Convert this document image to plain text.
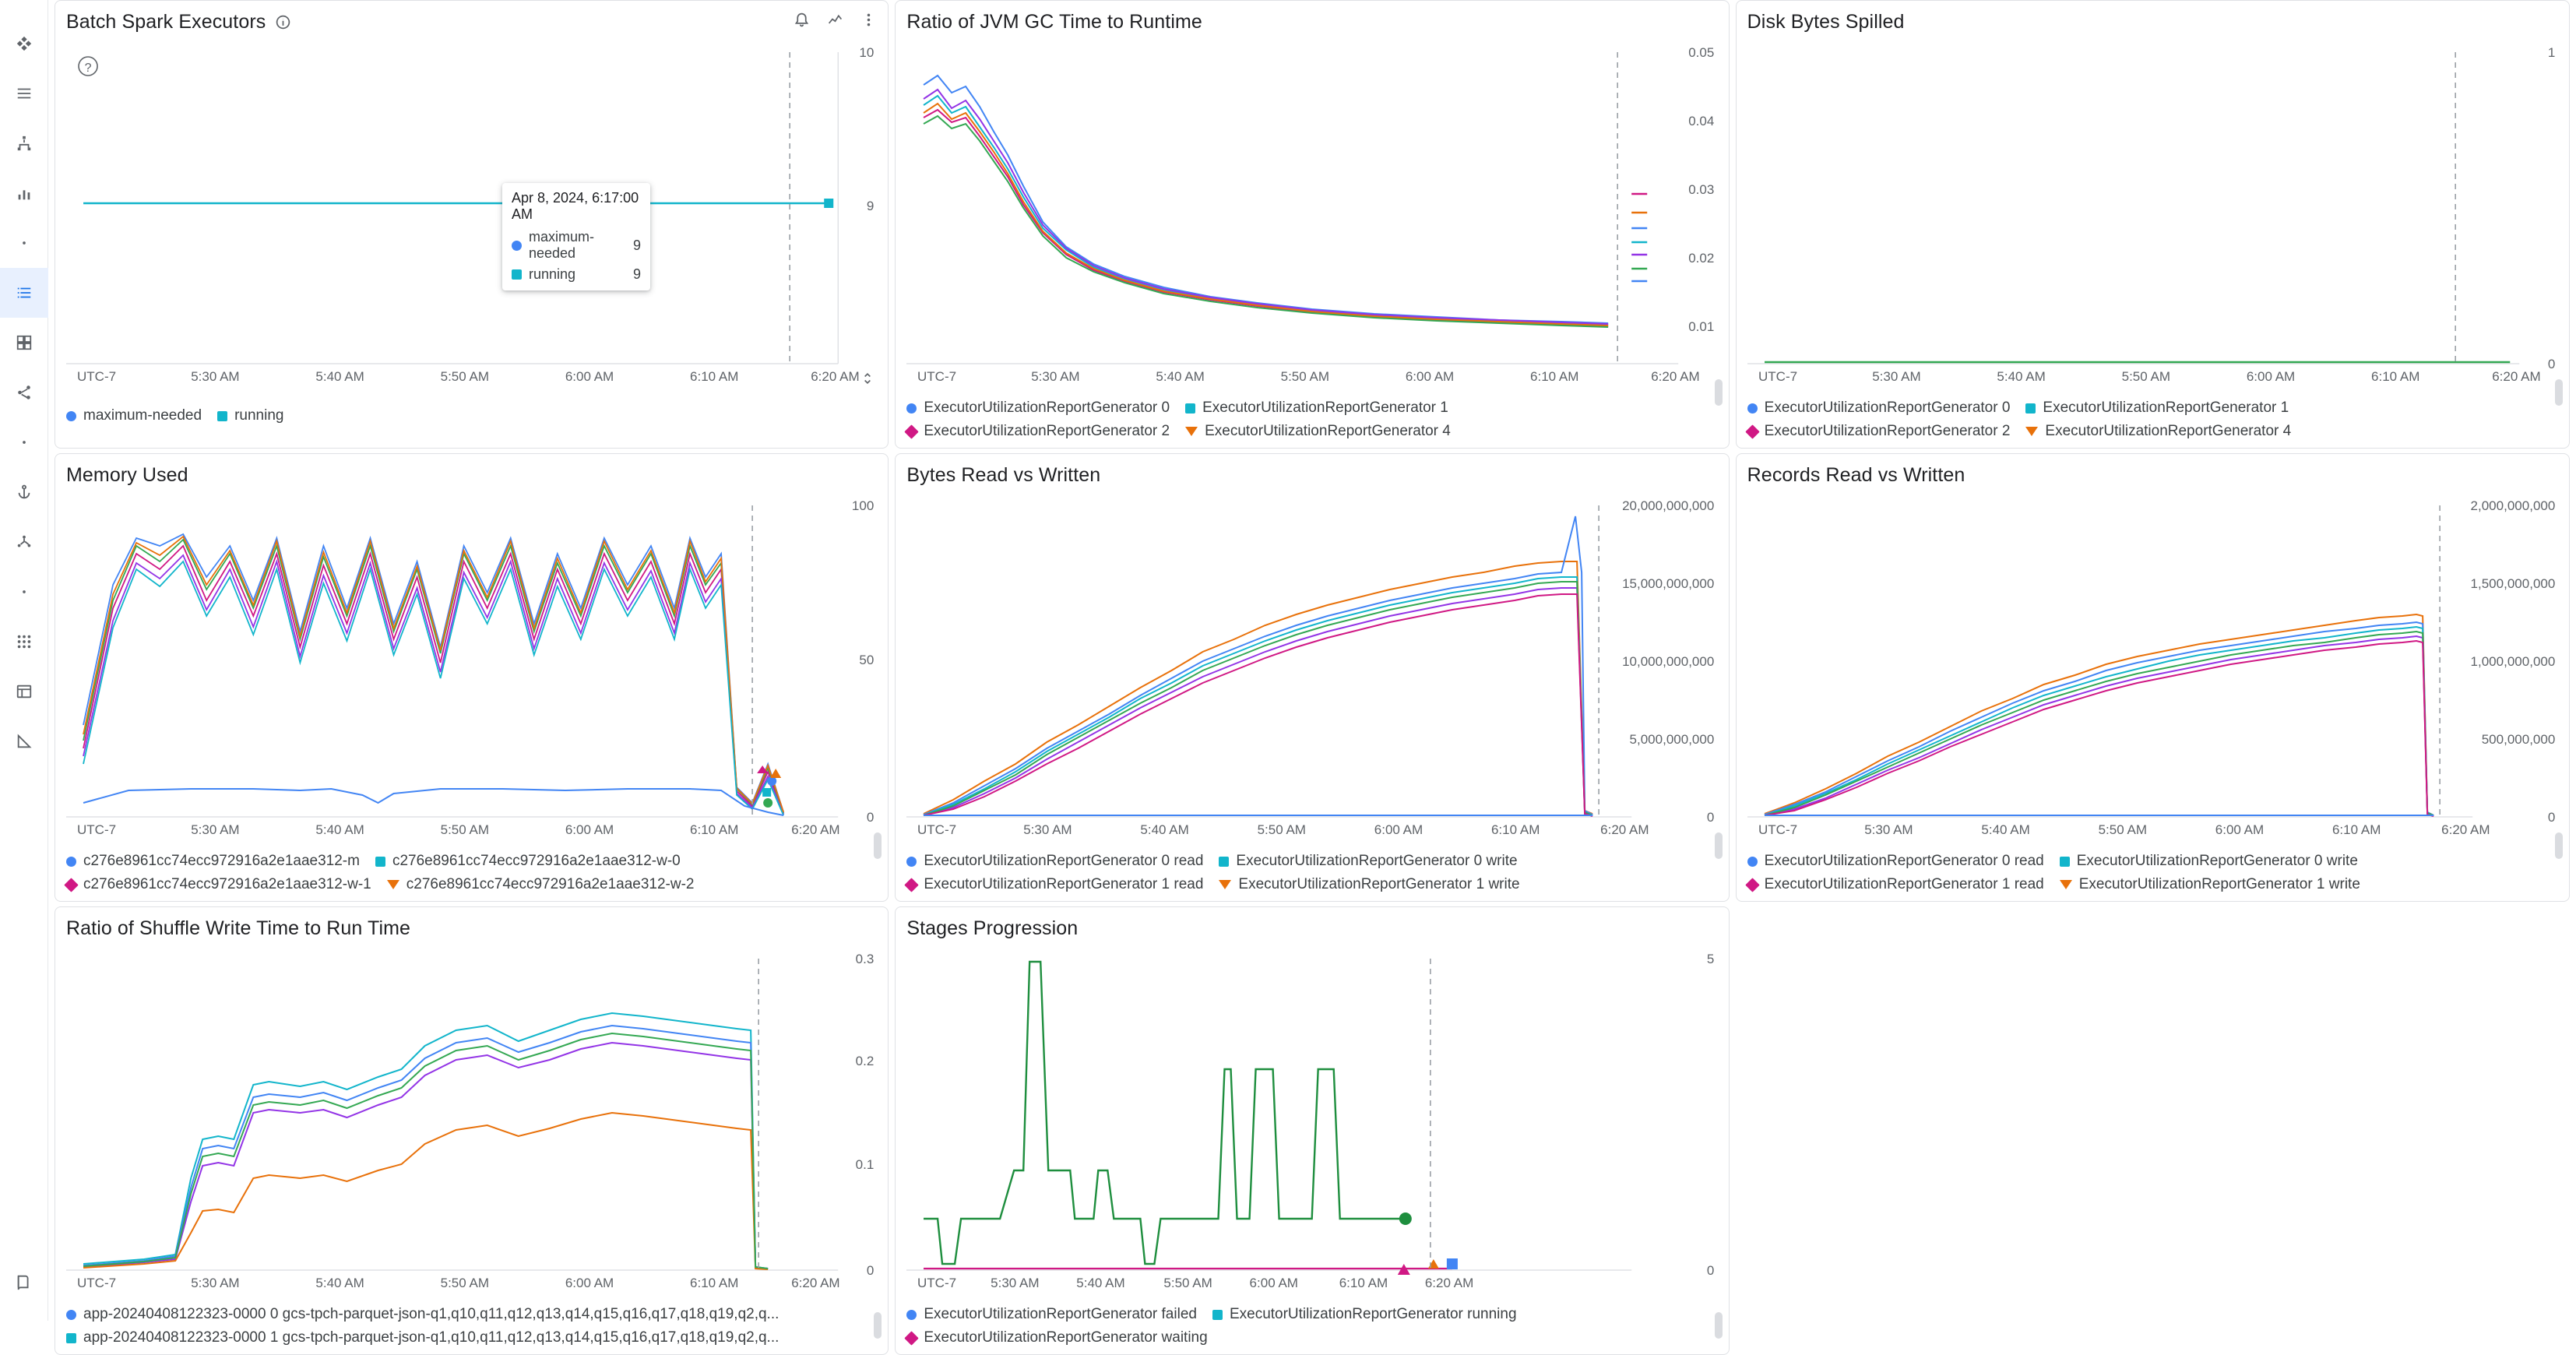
Batch Spark Executors
?
10
9
UTC-7	5:30 AM	5:40 AM	5:50 AM	6:00 AM	6:10 AM	6:20 AM
Apr 8, 2024, 6:17:00 AM
maximum-needed
9
running	9
maximum-needed running
Ratio of JVM GC Time to Runtime
0.05
0.04
0.03
0.02
0.01
UTC-7	5:30 AM	5:40 AM	5:50 AM	6:00 AM	6:10 AM	6:20 AM
ExecutorUtilizationReportGenerator 0 ExecutorUtilizationReportGenerator 1
ExecutorUtilizationReportGenerator 2 ExecutorUtilizationReportGenerator 4
Disk Bytes Spilled
1
0
UTC-7	5:30 AM	5:40 AM	5:50 AM	6:00 AM	6:10 AM	6:20 AM
ExecutorUtilizationReportGenerator 0 ExecutorUtilizationReportGenerator 1
ExecutorUtilizationReportGenerator 2 ExecutorUtilizationReportGenerator 4
Memory Used
100
50
0
UTC-7	5:30 AM	5:40 AM	5:50 AM	6:00 AM	6:10 AM	6:20 AM
c276e8961cc74ecc972916a2e1aae312-m c276e8961cc74ecc972916a2e1aae312-w-0
c276e8961cc74ecc972916a2e1aae312-w-1 c276e8961cc74ecc972916a2e1aae312-w-2
Bytes Read vs Written
20,000,000,000
15,000,000,000
10,000,000,000
5,000,000,000
0
UTC-7	5:30 AM	5:40 AM	5:50 AM	6:00 AM	6:10 AM	6:20 AM
ExecutorUtilizationReportGenerator 0 read ExecutorUtilizationReportGenerator 0 write
ExecutorUtilizationReportGenerator 1 read ExecutorUtilizationReportGenerator 1 write
Records Read vs Written
2,000,000,000
1,500,000,000
1,000,000,000
500,000,000
0
UTC-7	5:30 AM	5:40 AM	5:50 AM	6:00 AM	6:10 AM	6:20 AM
ExecutorUtilizationReportGenerator 0 read ExecutorUtilizationReportGenerator 0 write
ExecutorUtilizationReportGenerator 1 read ExecutorUtilizationReportGenerator 1 write
Ratio of Shuffle Write Time to Run Time
0.3
0.2
0.1
0
UTC-7	5:30 AM	5:40 AM	5:50 AM	6:00 AM	6:10 AM	6:20 AM
app-20240408122323-0000 0 gcs-tpch-parquet-json-q1,q10,q11,q12,q13,q14,q15,q16,q17,q18,q19,q2,q...
app-20240408122323-0000 1 gcs-tpch-parquet-json-q1,q10,q11,q12,q13,q14,q15,q16,q17,q18,q19,q2,q...
Stages Progression
5
0
UTC-7	5:30 AM	5:40 AM	5:50 AM	6:00 AM	6:10 AM	6:20 AM
ExecutorUtilizationReportGenerator failed ExecutorUtilizationReportGenerator running
ExecutorUtilizationReportGenerator waiting
